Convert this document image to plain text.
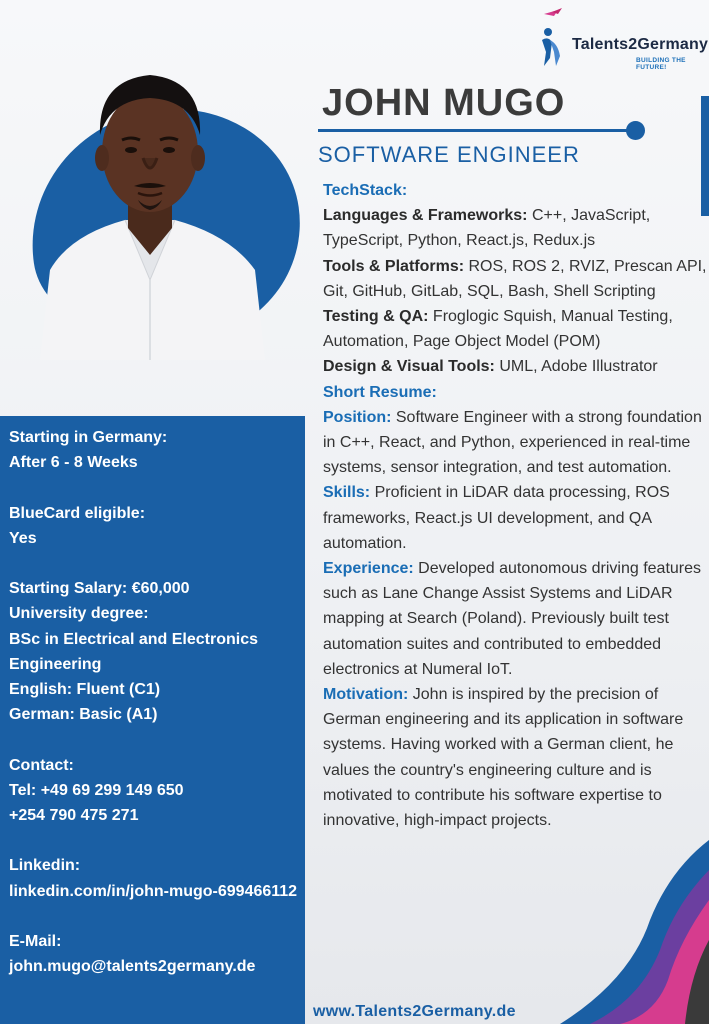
Talents2Germany
BUILDING THE FUTURE!
JOHN MUGO
SOFTWARE ENGINEER

TechStack:

Languages & Frameworks: C++, JavaScript, TypeScript, Python, React.js, Redux.js

Tools & Platforms: ROS, ROS 2, RVIZ, Prescan API, Git, GitHub, GitLab, SQL, Bash, Shell Scripting

Testing & QA: Froglogic Squish, Manual Testing, Automation, Page Object Model (POM)

Design & Visual Tools: UML, Adobe Illustrator

Short Resume:

Position: Software Engineer with a strong foundation in C++, React, and Python, experienced in real-time systems, sensor integration, and test automation.

Skills: Proficient in LiDAR data processing, ROS frameworks, React.js UI development, and QA automation.

Experience: Developed autonomous driving features such as Lane Change Assist Systems and LiDAR mapping at Search (Poland). Previously built test automation suites and contributed to embedded electronics at Numeral IoT.

Motivation: John is inspired by the precision of German engineering and its application in software systems. Having worked with a German client, he values the country's engineering culture and is motivated to contribute his software expertise to innovative, high-impact projects.

Starting in Germany:

After 6 - 8 Weeks

BlueCard eligible:

Yes

Starting Salary: €60,000

University degree:

BSc in Electrical and Electronics Engineering

English: Fluent (C1)

German: Basic (A1)

Contact:

Tel: +49 69 299 149 650

+254 790 475 271

Linkedin:

linkedin.com/in/john-mugo-699466112

E-Mail:

john.mugo@talents2germany.de

www.Talents2Germany.de
